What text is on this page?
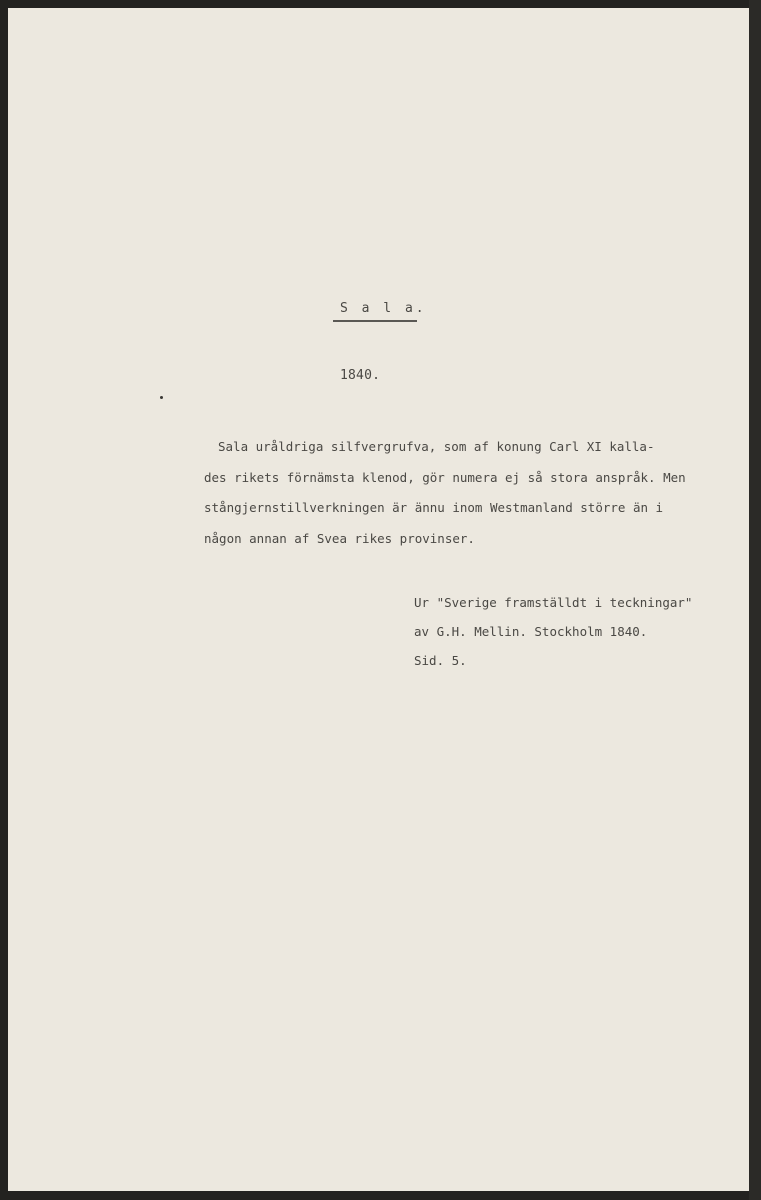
S a l a.
1840.
Sala uråldriga silfvergrufva, som af konung Carl XI kalla-
des rikets förnämsta klenod, gör numera ej så stora anspråk. Men
stångjernstillverkningen är ännu inom Westmanland större än i
någon annan af Svea rikes provinser.
Ur "Sverige framställdt i teckningar"
av G.H. Mellin. Stockholm 1840.
Sid. 5.
